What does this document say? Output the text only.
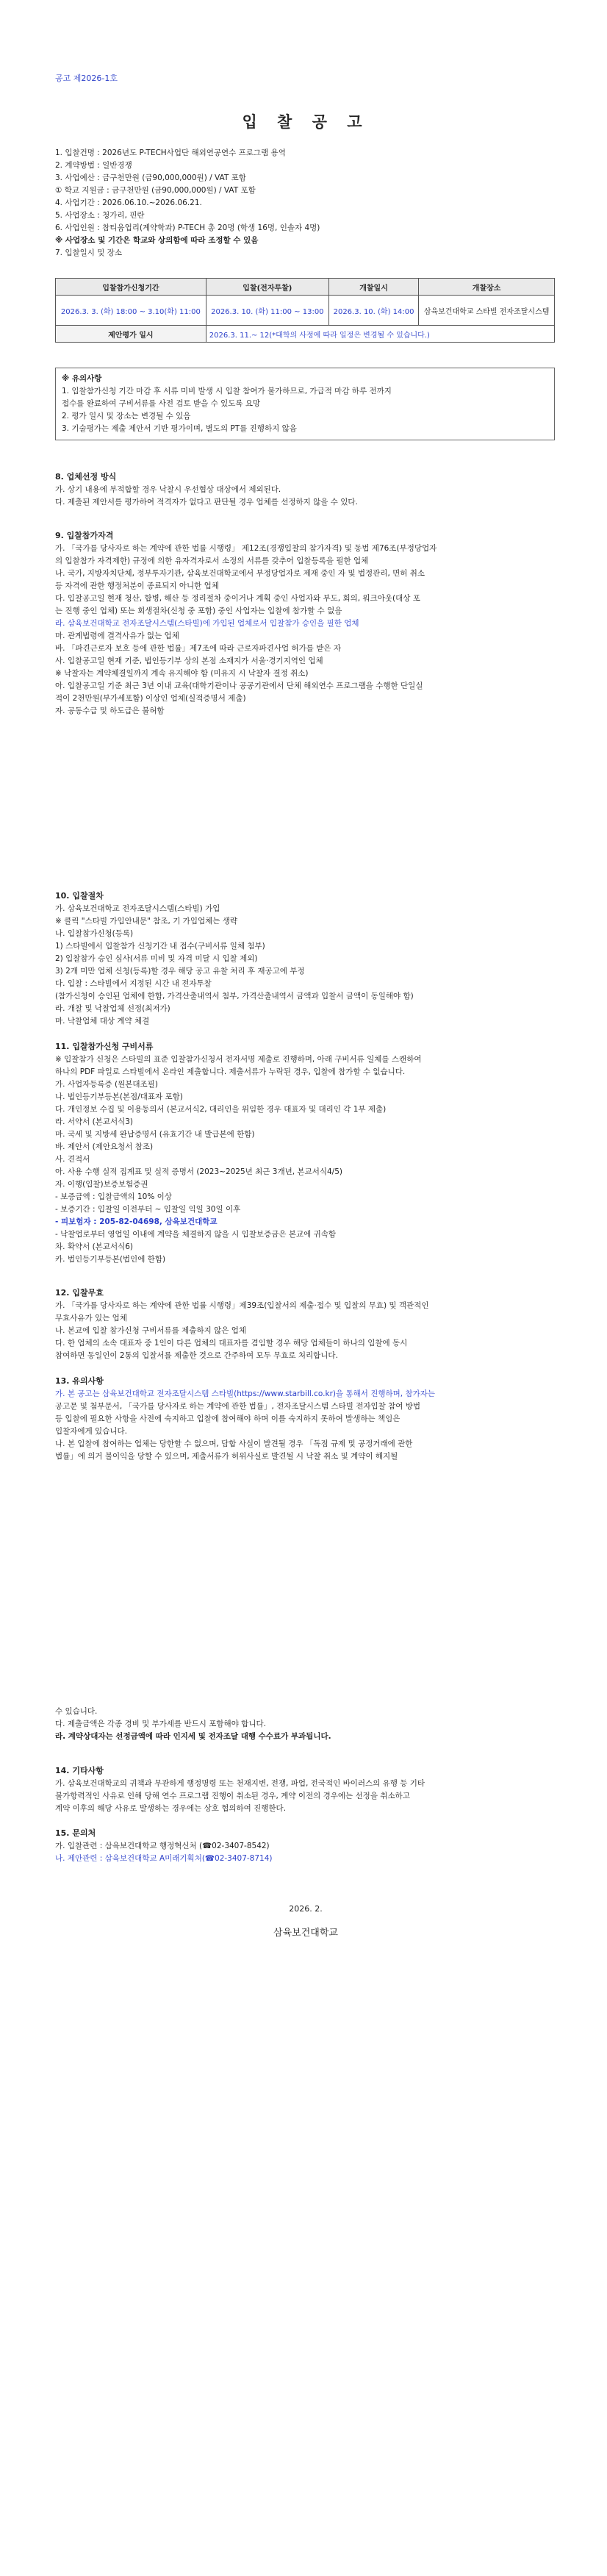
공고 제2026-1호
입 찰 공 고
1. 입찰건명 : 2026년도 P-TECH사업단 해외연공연수 프로그램 용역
2. 계약방법 : 일반경쟁
3. 사업예산 : 금구천만원 (금90,000,000원) / VAT 포함
① 학교 지원금 : 금구천만원 (금90,000,000원) / VAT 포함
4. 사업기간 : 2026.06.10.~2026.06.21.
5. 사업장소 : 청가리, 핀란
6. 사업인원 : 참티움업리(계약학과) P-TECH 총 20명 (학생 16명, 인솔자 4명)
※ 사업장소 및 기간은 학교와 상의함에 따라 조정할 수 있음
7. 입찰일시 및 장소
입찰참가신청기간	입찰(전자투찰)	개찰일시	개찰장소
2026.3. 3. (화) 18:00 ~ 3.10(화) 11:00	2026.3. 10. (화) 11:00 ~ 13:00	2026.3. 10. (화) 14:00	삼육보건대학교 스타빌 전자조달시스템
제안평가 일시	2026.3. 11.~ 12(*대학의 사정에 따라 일정은 변경될 수 있습니다.)		
※ 유의사항
1. 입찰참가신청 기간 마감 후 서류 미비 발생 시 입찰 참여가 불가하므로, 가급적 마감 하루 전까지
접수를 완료하여 구비서류를 사전 검토 받을 수 있도록 요망
2. 평가 일시 및 장소는 변경될 수 있음
3. 기술평가는 제출 제안서 기반 평가이며, 별도의 PT를 진행하지 않음
8. 업체선정 방식
가. 상기 내용에 부적합할 경우 낙찰시 우선협상 대상에서 제외된다.
다. 제출된 제안서를 평가하여 적격자가 없다고 판단될 경우 업체를 선정하지 않을 수 있다.
9. 입찰참가자격
가. 「국가를 당사자로 하는 계약에 관한 법률 시행령」 제12조(경쟁입찰의 참가자격) 및 동법 제76조(부정당업자
의 입찰참가 자격제한) 규정에 의한 유자격자로서 소정의 서류를 갖추어 입찰등록을 필한 업체
나. 국가, 지방자치단체, 정부투자기관, 삼육보건대학교에서 부정당업자로 제재 중인 자 및 법정관리, 면허 취소
등 자격에 관한 행정처분이 종료되지 아니한 업체
다. 입찰공고일 현재 청산, 합병, 해산 등 정리절차 중이거나 계획 중인 사업자와 부도, 회의, 워크아웃(대상 포
는 진행 중인 업체) 또는 회생절차(신청 중 포함) 중인 사업자는 입찰에 참가할 수 없음
라. 삼육보건대학교 전자조달시스템(스타빌)에 가입된 업체로서 입찰참가 승인을 필한 업체
마. 관계법령에 결격사유가 없는 업체
바. 「파견근로자 보호 등에 관한 법률」제7조에 따라 근로자파견사업 허가를 받은 자
사. 입찰공고일 현재 기준, 법인등기부 상의 본점 소재지가 서울·경기지역인 업체
※ 낙찰자는 계약체결일까지 계속 유지해야 함 (미유지 시 낙찰자 결정 취소)
아. 입찰공고일 기준 최근 3년 이내 교육(대학기관이나 공공기관에서 단체 해외연수 프로그램을 수행한 단일실
적이 2천만원(부가세포함) 이상인 업체(실적증명서 제출)
자. 공동수급 및 하도급은 불허함
10. 입찰절차
가. 삼육보건대학교 전자조달시스템(스타빌) 가입
※ 클릭 "스타빌 가입안내문" 참조, 기 가입업체는 생략
나. 입찰참가신청(등록)
1) 스타빌에서 입찰참가 신청기간 내 접수(구비서류 일체 첨부)
2) 입찰참가 승인 심사(서류 미비 및 자격 미달 시 입찰 제외)
3) 2개 미만 업체 신청(등록)할 경우 해당 공고 유찰 처리 후 재공고에 부정
다. 입찰 : 스타빌에서 지정된 시간 내 전자투찰
(참가신청이 승인된 업체에 한함, 가격산출내역서 첨부, 가격산출내역서 금액과 입찰서 금액이 동일해야 함)
라. 개찰 및 낙찰업체 선정(최저가)
마. 낙찰업체 대상 계약 체결
11. 입찰참가신청 구비서류
※ 입찰참가 신청은 스타빌의 표준 입찰참가신청서 전자서명 제출로 진행하며, 아래 구비서류 일체를 스캔하여
하나의 PDF 파일로 스타빌에서 온라인 제출합니다. 제출서류가 누락된 경우, 입찰에 참가할 수 없습니다.
가. 사업자등록증 (원본대조필)
나. 법인등기부등본(본점/대표자 포함)
다. 개인정보 수집 및 이용동의서 (본교서식2, 대리인을 위임한 경우 대표자 및 대리인 각 1부 제출)
라. 서약서 (본교서식3)
마. 국세 및 지방세 완납증명서 (유효기간 내 발급본에 한함)
바. 제안서 (제안요청서 참조)
사. 견적서
아. 사용 수행 실적 집계표 및 실적 증명서 (2023~2025년 최근 3개년, 본교서식4/5)
자. 이행(입찰)보증보험증권
- 보증금액 : 입찰금액의 10% 이상
- 보증기간 : 입찰일 이전부터 ~ 입찰일 익일 30일 이후
- 피보험자 : 205-82-04698, 삼육보건대학교
- 낙찰업로부터 영업일 이내에 계약을 체결하지 않을 시 입찰보증금은 본교에 귀속함
차. 확약서 (본교서식6)
카. 법인등기부등본(법인에 한함)
12. 입찰무효
가. 「국가를 당사자로 하는 계약에 관한 법률 시행령」제39조(입찰서의 제출·접수 및 입찰의 무효) 및 객관적인
무효사유가 있는 업체
나. 본교에 입찰 참가신청 구비서류를 제출하지 않은 업체
다. 한 업체의 소속 대표자 중 1인이 다른 업체의 대표자를 겸임할 경우 해당 업체들이 하나의 입찰에 동시
참여하면 동일인이 2통의 입찰서를 제출한 것으로 간주하여 모두 무효로 처리합니다.
13. 유의사항
가. 본 공고는 삼육보건대학교 전자조달시스템 스타빌(https://www.starbill.co.kr)을 통해서 진행하며, 참가자는
공고문 및 첨부문서, 「국가를 당사자로 하는 계약에 관한 법률」, 전자조달시스템 스타빌 전자입찰 참여 방법
등 입찰에 필요한 사항을 사전에 숙지하고 입찰에 참여해야 하며 이를 숙지하지 못하여 발생하는 책임은
입찰자에게 있습니다.
나. 본 입찰에 참여하는 업체는 당한할 수 없으며, 담합 사실이 발견될 경우 「독점 규제 및 공정거래에 관한
법률」에 의거 불이익을 당할 수 있으며, 제출서류가 허위사실로 발견될 시 낙찰 취소 및 계약이 해지될
수 있습니다.
다. 제출금액은 각종 경비 및 부가세를 반드시 포함해야 합니다.
라. 계약상대자는 선정금액에 따라 인지세 및 전자조달 대행 수수료가 부과됩니다.
14. 기타사항
가. 삼육보건대학교의 귀책과 무관하게 행정명령 또는 천재지변, 전쟁, 파업, 전국적인 바이러스의 유행 등 기타
불가항력적인 사유로 인해 당해 연수 프로그램 진행이 취소된 경우, 계약 이전의 경우에는 선정을 취소하고
계약 이후의 해당 사유로 발생하는 경우에는 상호 협의하여 진행한다.
15. 문의처
가. 입찰관련 : 삼육보건대학교 행정혁신처 (☎02-3407-8542)
나. 제안관련 : 삼육보건대학교 A미래기획처(☎02-3407-8714)
2026. 2.
삼육보건대학교
